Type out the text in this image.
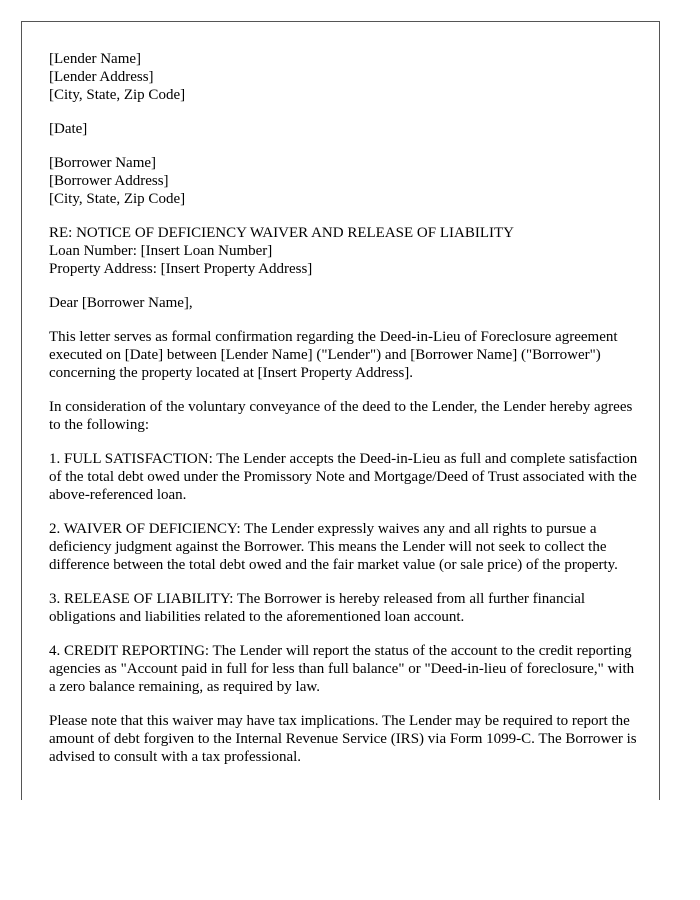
[Lender Name]
[Lender Address]
[City, State, Zip Code]
[Date]
[Borrower Name]
[Borrower Address]
[City, State, Zip Code]
RE: NOTICE OF DEFICIENCY WAIVER AND RELEASE OF LIABILITY
Loan Number: [Insert Loan Number]
Property Address: [Insert Property Address]
Dear [Borrower Name],

This letter serves as formal confirmation regarding the Deed-in-Lieu of Foreclosure agreement executed on [Date] between [Lender Name] ("Lender") and [Borrower Name] ("Borrower") concerning the property located at [Insert Property Address].

In consideration of the voluntary conveyance of the deed to the Lender, the Lender hereby agrees to the following:

1. FULL SATISFACTION: The Lender accepts the Deed-in-Lieu as full and complete satisfaction of the total debt owed under the Promissory Note and Mortgage/Deed of Trust associated with the above-referenced loan.

2. WAIVER OF DEFICIENCY: The Lender expressly waives any and all rights to pursue a deficiency judgment against the Borrower. This means the Lender will not seek to collect the difference between the total debt owed and the fair market value (or sale price) of the property.

3. RELEASE OF LIABILITY: The Borrower is hereby released from all further financial obligations and liabilities related to the aforementioned loan account.

4. CREDIT REPORTING: The Lender will report the status of the account to the credit reporting agencies as "Account paid in full for less than full balance" or "Deed-in-lieu of foreclosure," with a zero balance remaining, as required by law.

Please note that this waiver may have tax implications. The Lender may be required to report the amount of debt forgiven to the Internal Revenue Service (IRS) via Form 1099-C. The Borrower is advised to consult with a tax professional.
